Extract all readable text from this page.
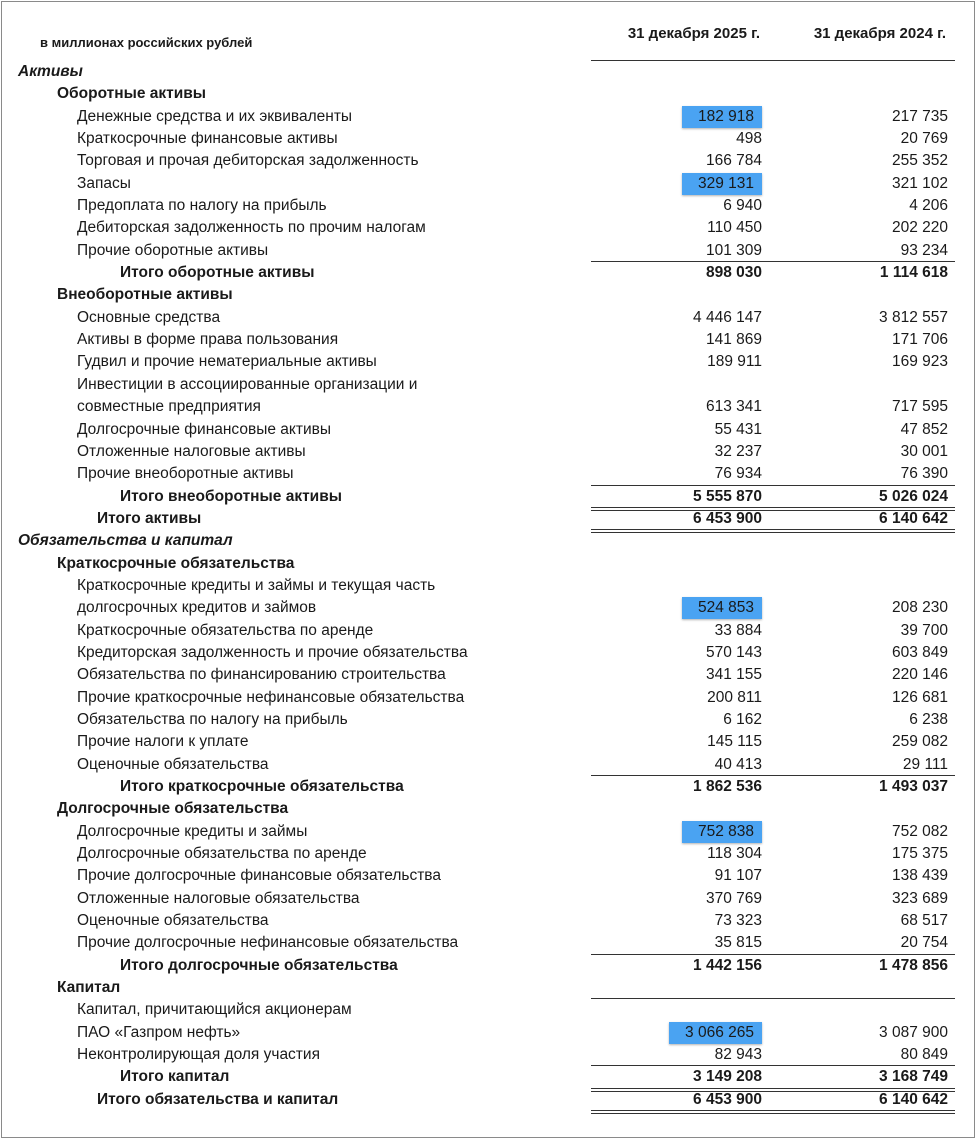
в миллионах российских рублей
31 декабря 2025 г.	31 декабря 2024 г.
Активы
Оборотные активы
Денежные средства и их эквиваленты	182 918	217 735
Краткосрочные финансовые активы	498	20 769
Торговая и прочая дебиторская задолженность	166 784	255 352
Запасы	329 131	321 102
Предоплата по налогу на прибыль	6 940	4 206
Дебиторская задолженность по прочим налогам	110 450	202 220
Прочие оборотные активы	101 309	93 234
Итого оборотные активы	898 030	1 114 618
Внеоборотные активы
Основные средства	4 446 147	3 812 557
Активы в форме права пользования	141 869	171 706
Гудвил и прочие нематериальные активы	189 911	169 923
Инвестиции в ассоциированные организации и
совместные предприятия	613 341	717 595
Долгосрочные финансовые активы	55 431	47 852
Отложенные налоговые активы	32 237	30 001
Прочие внеоборотные активы	76 934	76 390
Итого внеоборотные активы	5 555 870	5 026 024
Итого активы	6 453 900	6 140 642
Обязательства и капитал
Краткосрочные обязательства
Краткосрочные кредиты и займы и текущая часть
долгосрочных кредитов и займов	524 853	208 230
Краткосрочные обязательства по аренде	33 884	39 700
Кредиторская задолженность и прочие обязательства	570 143	603 849
Обязательства по финансированию строительства	341 155	220 146
Прочие краткосрочные нефинансовые обязательства	200 811	126 681
Обязательства по налогу на прибыль	6 162	6 238
Прочие налоги к уплате	145 115	259 082
Оценочные обязательства	40 413	29 111
Итого краткосрочные обязательства	1 862 536	1 493 037
Долгосрочные обязательства
Долгосрочные кредиты и займы	752 838	752 082
Долгосрочные обязательства по аренде	118 304	175 375
Прочие долгосрочные финансовые обязательства	91 107	138 439
Отложенные налоговые обязательства	370 769	323 689
Оценочные обязательства	73 323	68 517
Прочие долгосрочные нефинансовые обязательства	35 815	20 754
Итого долгосрочные обязательства	1 442 156	1 478 856
Капитал
Капитал, причитающийся акционерам
ПАО «Газпром нефть»	3 066 265	3 087 900
Неконтролирующая доля участия	82 943	80 849
Итого капитал	3 149 208	3 168 749
Итого обязательства и капитал	6 453 900	6 140 642
